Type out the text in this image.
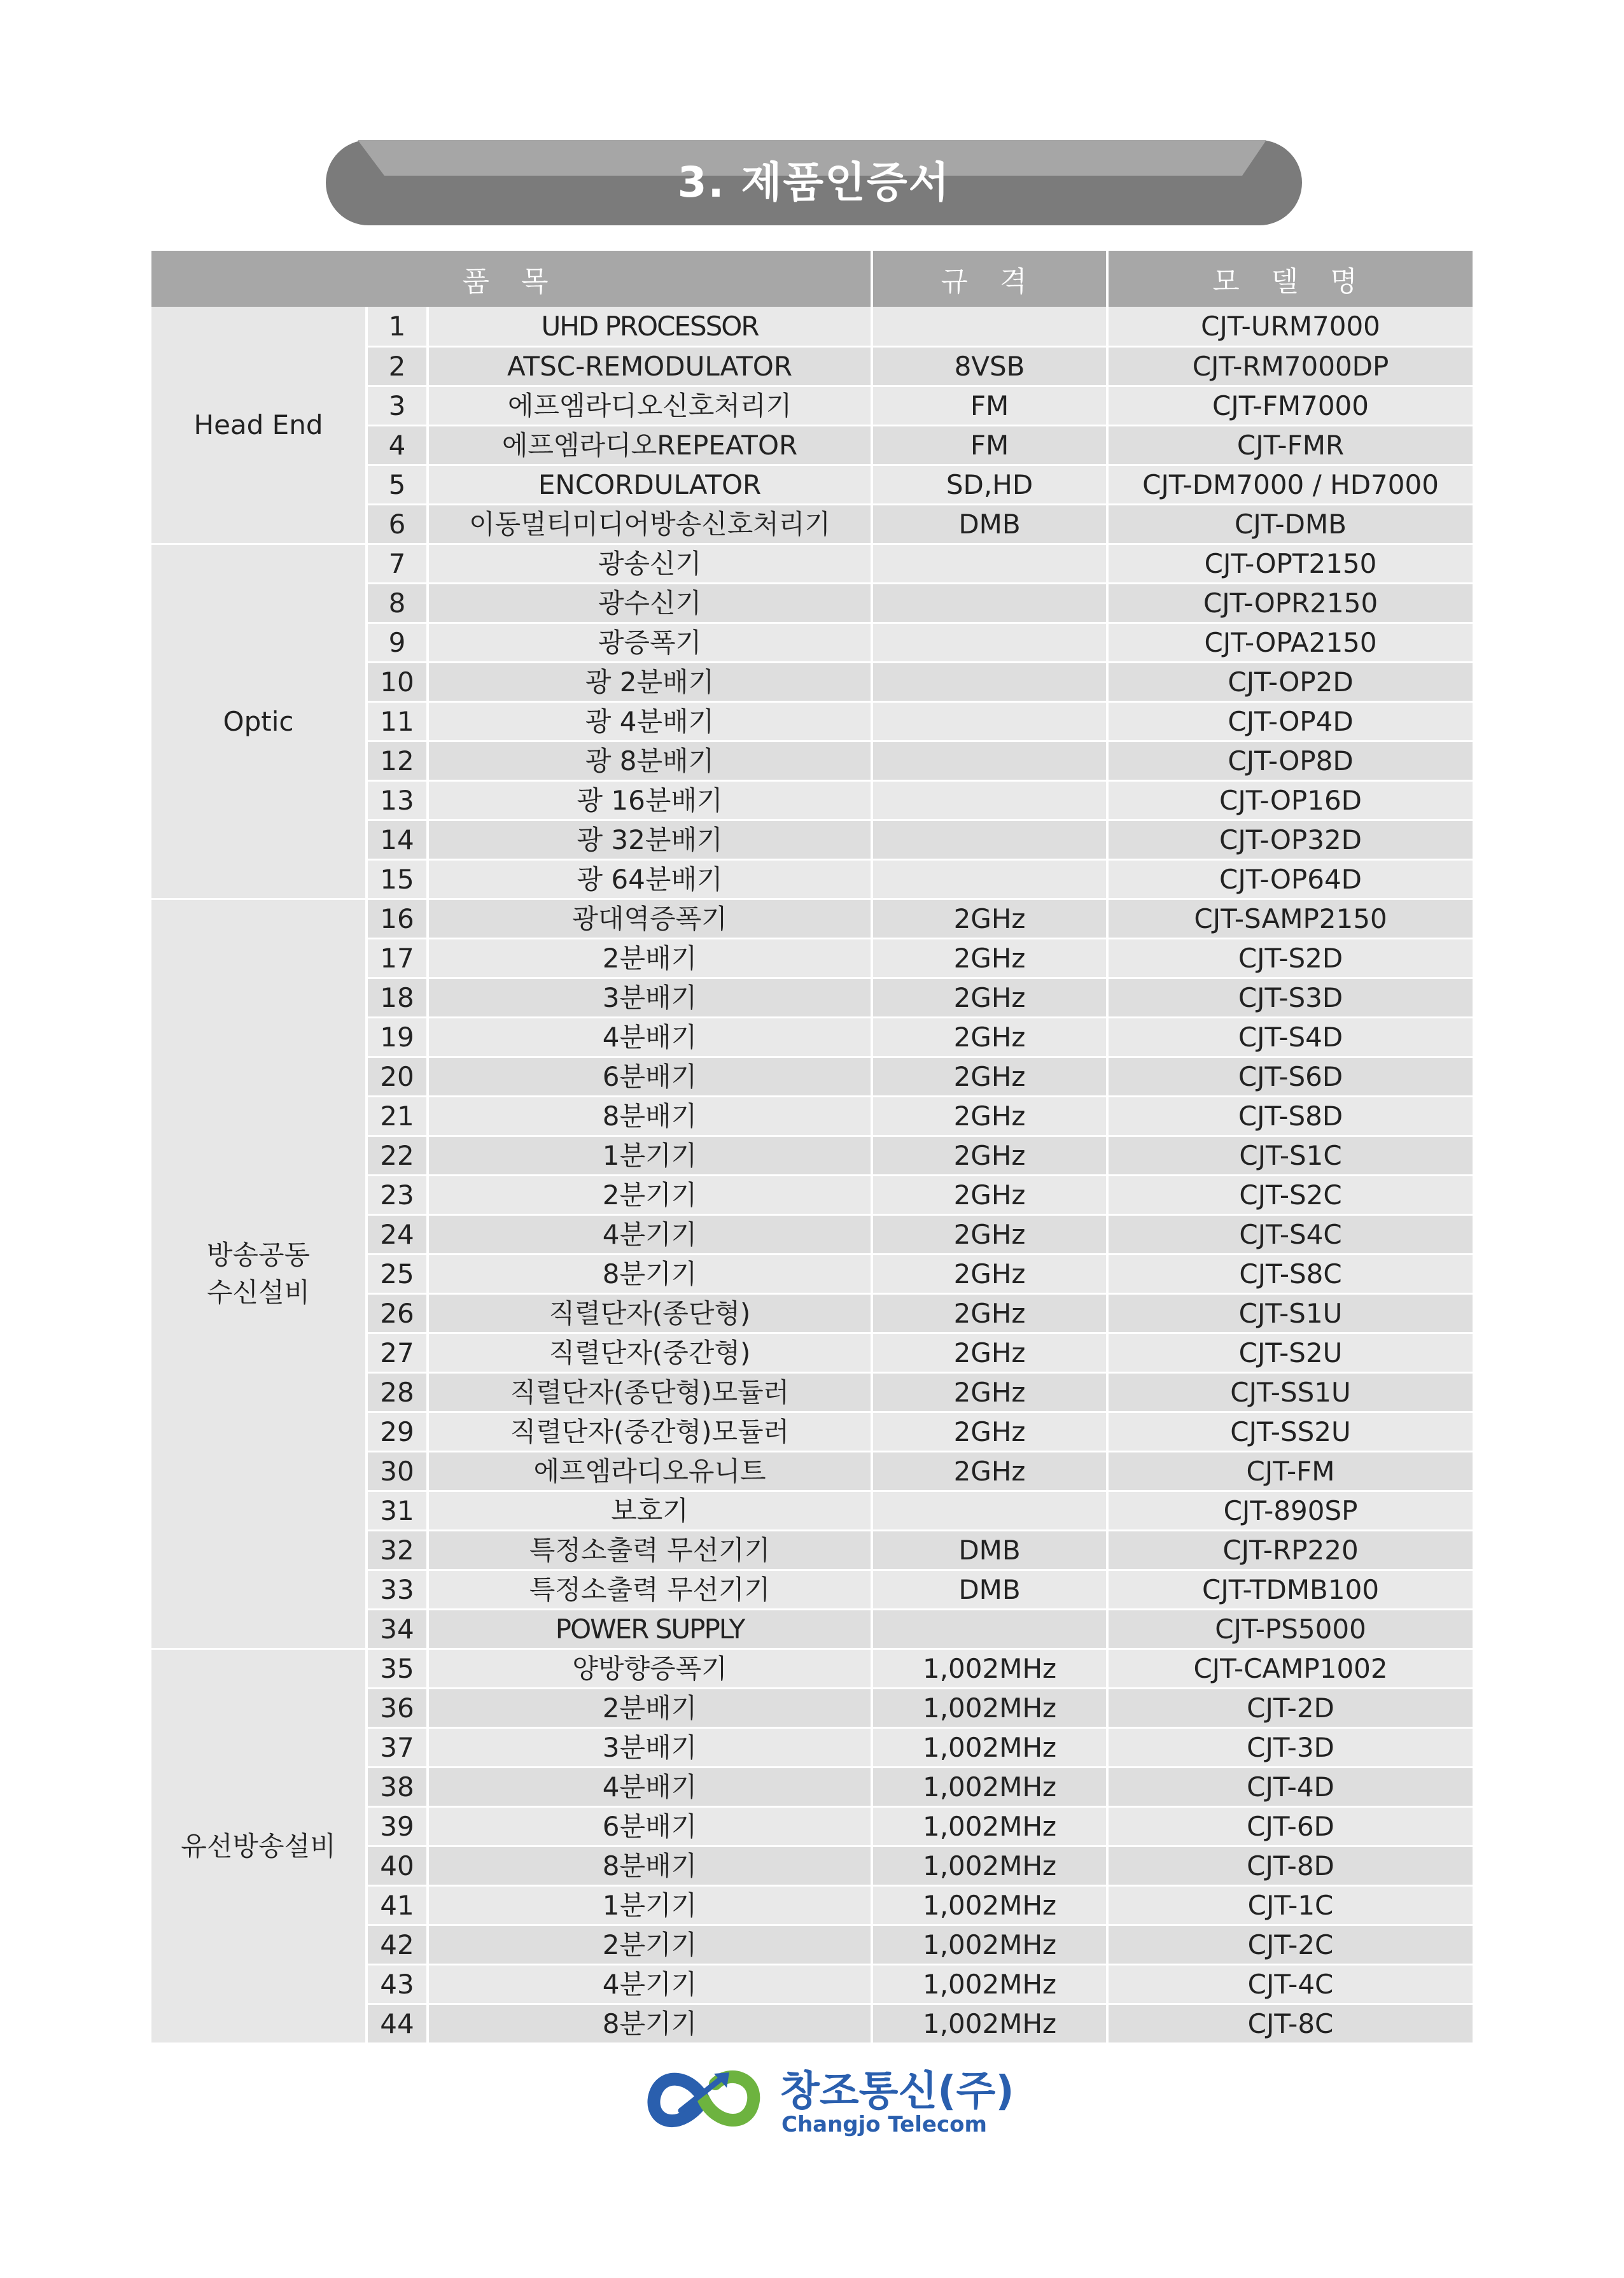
3. 제품인증서
품 목			규 격	모 델 명
Head End	1	UHD PROCESSOR		CJT-URM7000
	2	ATSC-REMODULATOR	8VSB	CJT-RM7000DP
	3	에프엠라디오신호처리기	FM	CJT-FM7000
	4	에프엠라디오REPEATOR	FM	CJT-FMR
	5	ENCORDULATOR	SD,HD	CJT-DM7000 / HD7000
	6	이동멀티미디어방송신호처리기	DMB	CJT-DMB
Optic	7	광송신기		CJT-OPT2150
	8	광수신기		CJT-OPR2150
	9	광증폭기		CJT-OPA2150
	10	광 2분배기		CJT-OP2D
	11	광 4분배기		CJT-OP4D
	12	광 8분배기		CJT-OP8D
	13	광 16분배기		CJT-OP16D
	14	광 32분배기		CJT-OP32D
	15	광 64분배기		CJT-OP64D
방송공동
수신설비	16	광대역증폭기	2GHz	CJT-SAMP2150
	17	2분배기	2GHz	CJT-S2D
	18	3분배기	2GHz	CJT-S3D
	19	4분배기	2GHz	CJT-S4D
	20	6분배기	2GHz	CJT-S6D
	21	8분배기	2GHz	CJT-S8D
	22	1분기기	2GHz	CJT-S1C
	23	2분기기	2GHz	CJT-S2C
	24	4분기기	2GHz	CJT-S4C
	25	8분기기	2GHz	CJT-S8C
	26	직렬단자(종단형)	2GHz	CJT-S1U
	27	직렬단자(중간형)	2GHz	CJT-S2U
	28	직렬단자(종단형)모듈러	2GHz	CJT-SS1U
	29	직렬단자(중간형)모듈러	2GHz	CJT-SS2U
	30	에프엠라디오유니트	2GHz	CJT-FM
	31	보호기		CJT-890SP
	32	특정소출력 무선기기	DMB	CJT-RP220
	33	특정소출력 무선기기	DMB	CJT-TDMB100
	34	POWER SUPPLY		CJT-PS5000
유선방송설비	35	양방향증폭기	1,002MHz	CJT-CAMP1002
	36	2분배기	1,002MHz	CJT-2D
	37	3분배기	1,002MHz	CJT-3D
	38	4분배기	1,002MHz	CJT-4D
	39	6분배기	1,002MHz	CJT-6D
	40	8분배기	1,002MHz	CJT-8D
	41	1분기기	1,002MHz	CJT-1C
	42	2분기기	1,002MHz	CJT-2C
	43	4분기기	1,002MHz	CJT-4C
	44	8분기기	1,002MHz	CJT-8C
창조통신(주)
Changjo Telecom
